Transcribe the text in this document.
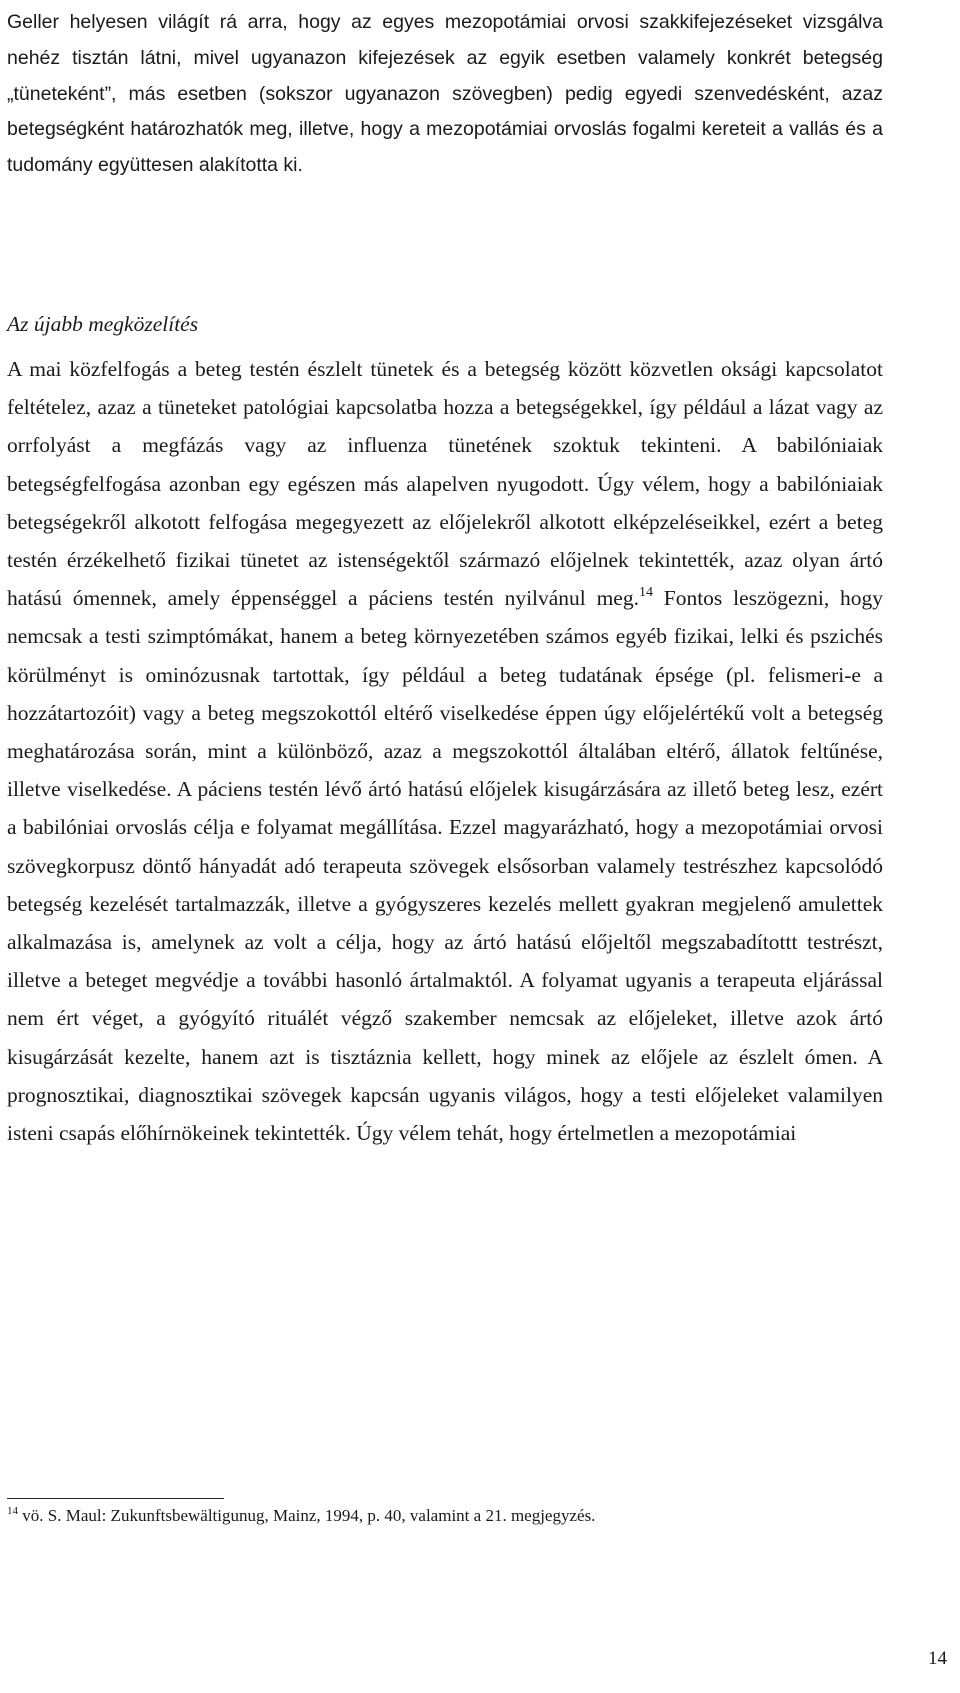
Geller helyesen világít rá arra, hogy az egyes mezopotámiai orvosi szakkifejezéseket vizsgálva nehéz tisztán látni, mivel ugyanazon kifejezések az egyik esetben valamely konkrét betegség „tüneteként”, más esetben (sokszor ugyanazon szövegben) pedig egyedi szenvedésként, azaz betegségként határozhatók meg, illetve, hogy a mezopotámiai orvoslás fogalmi kereteit a vallás és a tudomány együttesen alakította ki.

Az újabb megközelítés

A mai közfelfogás a beteg testén észlelt tünetek és a betegség között közvetlen oksági kapcsolatot feltételez, azaz a tüneteket patológiai kapcsolatba hozza a betegségekkel, így például a lázat vagy az orrfolyást a megfázás vagy az influenza tünetének szoktuk tekinteni. A babilóniaiak betegségfelfogása azonban egy egészen más alapelven nyugodott. Úgy vélem, hogy a babilóniaiak betegségekről alkotott felfogása megegyezett az előjelekről alkotott elképzeléseikkel, ezért a beteg testén érzékelhető fizikai tünetet az istenségektől származó előjelnek tekintették, azaz olyan ártó hatású ómennek, amely éppenséggel a páciens testén nyilvánul meg.$^{14}$ Fontos leszögezni, hogy nemcsak a testi szimptómákat, hanem a beteg környezetében számos egyéb fizikai, lelki és pszichés körülményt is ominózusnak tartottak, így például a beteg tudatának épsége (pl. felismeri-e a hozzátartozóit) vagy a beteg megszokottól eltérő viselkedése éppen úgy előjelértékű volt a betegség meghatározása során, mint a különböző, azaz a megszokottól általában eltérő, állatok feltűnése, illetve viselkedése. A páciens testén lévő ártó hatású előjelek kisugárzására az illető beteg lesz, ezért a babilóniai orvoslás célja e folyamat megállítása. Ezzel magyarázható, hogy a mezopotámiai orvosi szövegkorpusz döntő hányadát adó terapeuta szövegek elsősorban valamely testrészhez kapcsolódó betegség kezelését tartalmazzák, illetve a gyógyszeres kezelés mellett gyakran megjelenő amulettek alkalmazása is, amelynek az volt a célja, hogy az ártó hatású előjeltől megszabadítottt testrészt, illetve a beteget megvédje a további hasonló ártalmaktól. A folyamat ugyanis a terapeuta eljárással nem ért véget, a gyógyító rituálét végző szakember nemcsak az előjeleket, illetve azok ártó kisugárzását kezelte, hanem azt is tisztáznia kellett, hogy minek az előjele az észlelt ómen. A prognosztikai, diagnosztikai szövegek kapcsán ugyanis világos, hogy a testi előjeleket valamilyen isteni csapás előhírnökeinek tekintették. Úgy vélem tehát, hogy értelmetlen a mezopotámiai

$^{14}$ vö. S. Maul: Zukunftsbewältigunug, Mainz, 1994, p. 40, valamint a 21. megjegyzés.

14
